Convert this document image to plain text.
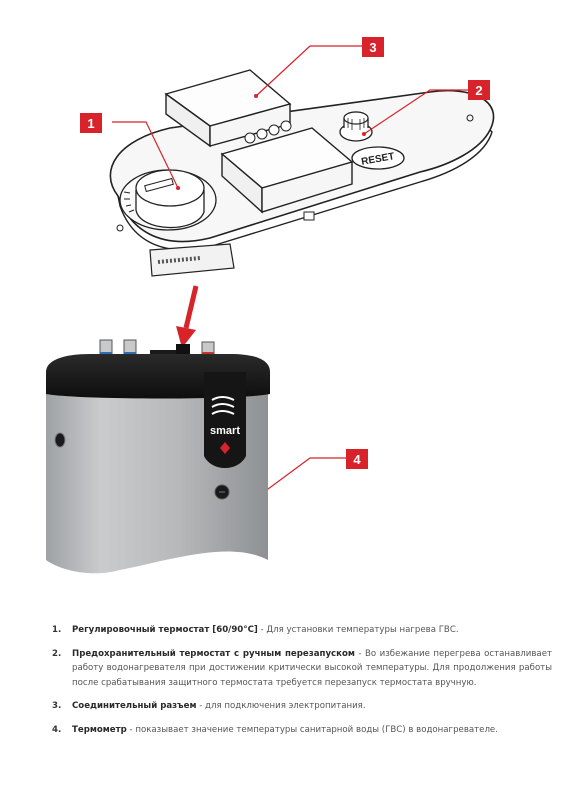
RESET
smart
1
2
3
4
1.	Регулировочный термостат [60/90°C] - Для установки температуры нагрева ГВС.
2.	Предохранительный термостат с ручным перезапуском - Во избежание перегрева останавливает работу водонагревателя при достижении критически высокой температуры. Для продолжения работы после срабатывания защитного термостата требуется перезапуск термостата вручную.
3.	Соединительный разъем - для подключения электропитания.
4.	Термометр - показывает значение температуры санитарной воды (ГВС) в водонагревателе.
